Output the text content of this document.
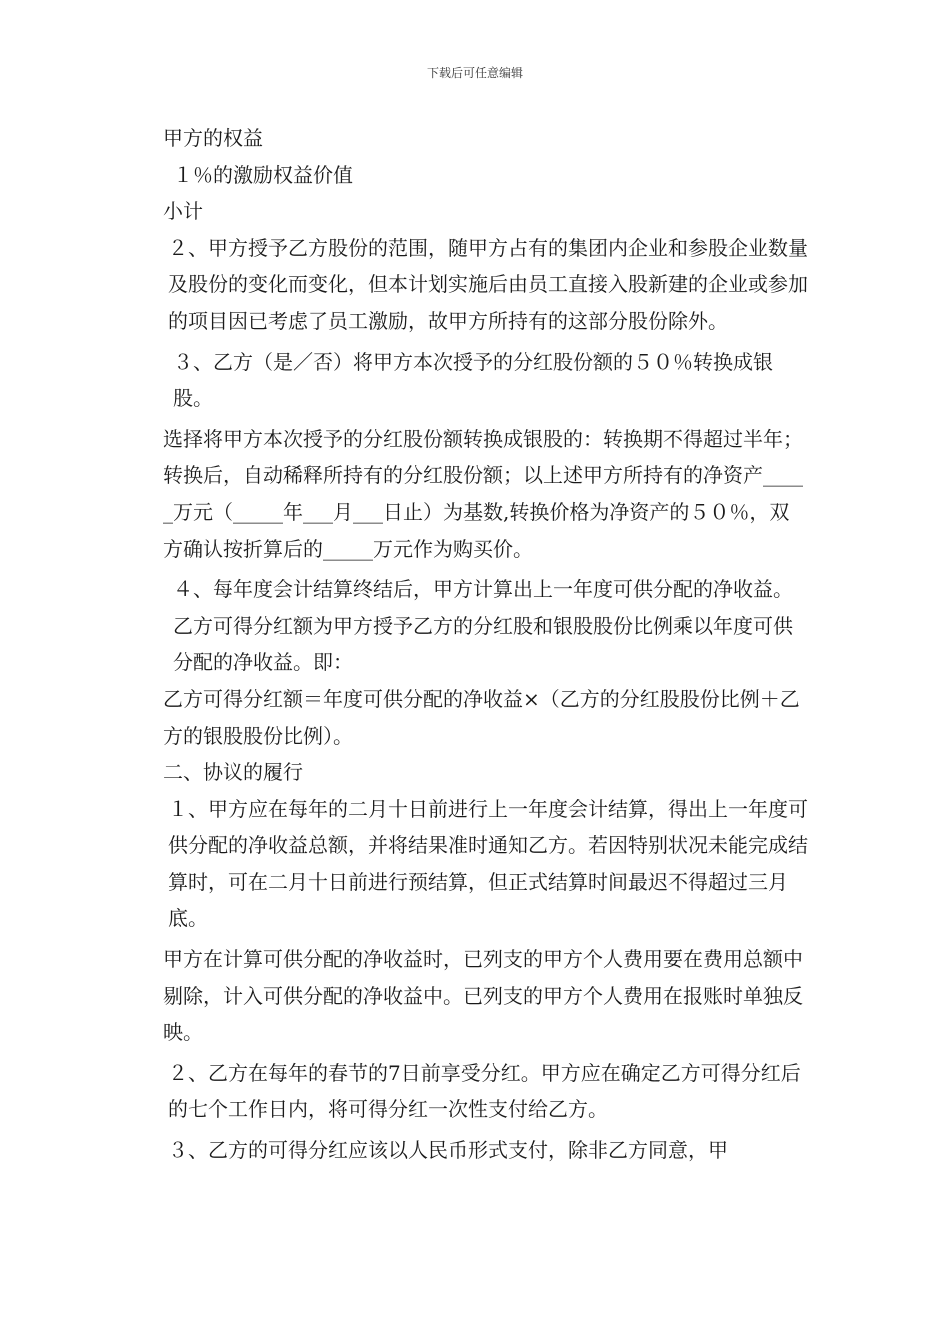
下载后可任意编辑

甲方的权益

１％的激励权益价值

小计

２、甲方授予乙方股份的范围，随甲方占有的集团内企业和参股企业数量及股份的变化而变化，但本计划实施后由员工直接入股新建的企业或参加的项目因已考虑了员工激励，故甲方所持有的这部分股份除外。

３、乙方（是／否）将甲方本次授予的分红股份额的５０％转换成银股。

选择将甲方本次授予的分红股份额转换成银股的：转换期不得超过半年；转换后，自动稀释所持有的分红股份额；以上述甲方所持有的净资产_____万元（_____年___月___日止）为基数,转换价格为净资产的５０％，双方确认按折算后的_____万元作为购买价。

４、每年度会计结算终结后，甲方计算出上一年度可供分配的净收益。乙方可得分红额为甲方授予乙方的分红股和银股股份比例乘以年度可供分配的净收益。即：

乙方可得分红额＝年度可供分配的净收益×（乙方的分红股股份比例＋乙方的银股股份比例）。

二、协议的履行

１、甲方应在每年的二月十日前进行上一年度会计结算，得出上一年度可供分配的净收益总额，并将结果准时通知乙方。若因特别状况未能完成结算时，可在二月十日前进行预结算，但正式结算时间最迟不得超过三月底。

甲方在计算可供分配的净收益时，已列支的甲方个人费用要在费用总额中剔除，计入可供分配的净收益中。已列支的甲方个人费用在报账时单独反映。

２、乙方在每年的春节的7日前享受分红。甲方应在确定乙方可得分红后的七个工作日内，将可得分红一次性支付给乙方。

３、乙方的可得分红应该以人民币形式支付，除非乙方同意，甲
